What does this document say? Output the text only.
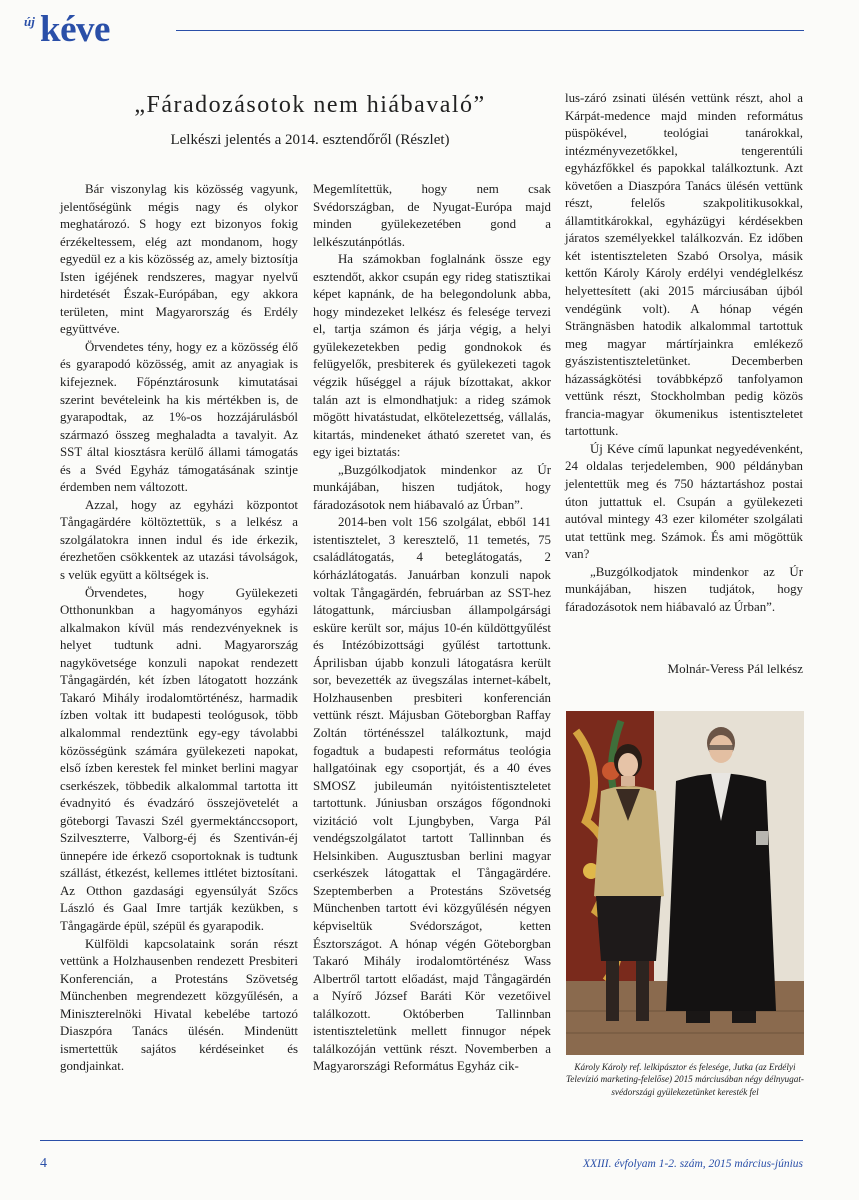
új kéve
„Fáradozásotok nem hiábavaló”
Lelkészi jelentés a 2014. esztendőről (Részlet)

Bár viszonylag kis közösség vagyunk, jelentőségünk mégis nagy és olykor meghatározó. S hogy ezt bizonyos fokig érzékeltessem, elég azt mondanom, hogy egyedül ez a kis közösség az, amely biztosítja Isten igéjének rendszeres, magyar nyelvű hirdetését Észak-Európában, egy akkora területen, mint Magyarország és Erdély együttvéve.

Örvendetes tény, hogy ez a közösség élő és gyarapodó közösség, amit az anyagiak is kifejeznek. Főpénztárosunk kimutatásai szerint bevételeink ha kis mértékben is, de gyarapodtak, az 1%-os hozzájárulásból származó összeg meghaladta a tavalyit. Az SST által kiosztásra kerülő állami támogatás és a Svéd Egyház támogatásának szintje érdemben nem változott.

Azzal, hogy az egyházi központot Tångagärdére költöztettük, s a lelkész a szolgálatokra innen indul és ide érkezik, érezhetően csökkentek az utazási távolságok, s velük együtt a költségek is.

Örvendetes, hogy Gyülekezeti Otthonunkban a hagyományos egyházi alkalmakon kívül más rendezvényeknek is helyet tudtunk adni. Magyarország nagykövetsége konzuli napokat rendezett Tångagärdén, két ízben látogatott hozzánk Takaró Mihály irodalomtörténész, harmadik ízben voltak itt budapesti teológusok, több alkalommal rendeztünk egy-egy távolabbi közösségünk számára gyülekezeti napokat, első ízben kerestek fel minket berlini magyar cserkészek, többedik alkalommal tartotta itt évadnyitó és évadzáró összejövetelét a göteborgi Tavaszi Szél gyermektánccsoport, Szilveszterre, Valborg-éj és Szentiván-éj ünnepére ide érkező csoportoknak is tudtunk szállást, étkezést, kellemes ittlétet biztosítani. Az Otthon gazdasági egyensúlyát Szőcs László és Gaal Imre tartják kezükben, s Tångagärde épül, szépül és gyarapodik.

Külföldi kapcsolataink során részt vettünk a Holzhausenben rendezett Presbiteri Konferencián, a Protestáns Szövetség Münchenben megrendezett közgyűlésén, a Miniszterelnöki Hivatal kebelébe tartozó Diaszpóra Tanács ülésén. Mindenütt ismertettük sajátos kérdéseinket és gondjainkat.

Megemlítettük, hogy nem csak Svédországban, de Nyugat-Európa majd minden gyülekezetében gond a lelkészutánpótlás.

Ha számokban foglalnánk össze egy esztendőt, akkor csupán egy rideg statisztikai képet kapnánk, de ha belegondolunk abba, hogy mindezeket lelkész és felesége tervezi el, tartja számon és járja végig, a helyi gyülekezetekben pedig gondnokok és felügyelők, presbiterek és gyülekezeti tagok végzik hűséggel a rájuk bízottakat, akkor talán azt is elmondhatjuk: a rideg számok mögött hivatástudat, elkötelezettség, vállalás, kitartás, mindeneket átható szeretet van, és egy igei biztatás:

„Buzgólkodjatok mindenkor az Úr munkájában, hiszen tudjátok, hogy fáradozásotok nem hiábavaló az Úrban”.

2014-ben volt 156 szolgálat, ebből 141 istentisztelet, 3 keresztelő, 11 temetés, 75 családlátogatás, 4 beteglátogatás, 2 kórházlátogatás. Januárban konzuli napok voltak Tångagärdén, februárban az SST-hez látogattunk, márciusban állampolgársági esküre került sor, május 10-én küldöttgyűlést és Intézóbizottsági gyűlést tartottunk. Áprilisban újabb konzuli látogatásra került sor, bevezették az üvegszálas internet-kábelt, Holzhausenben presbiteri konferencián vettünk részt. Májusban Göteborgban Raffay Zoltán történésszel találkoztunk, majd fogadtuk a budapesti református teológia hallgatóinak egy csoportját, és a 40 éves SMOSZ jubileumán nyitóistentiszteletet tartottunk. Júniusban országos főgondnoki vizitáció volt Ljungbyben, Varga Pál vendégszolgálatot tartott Tallinnban és Helsinkiben. Augusztusban berlini magyar cserkészek látogattak el Tångagärdére. Szeptemberben a Protestáns Szövetség Münchenben tartott évi közgyűlésén négyen képviseltük Svédországot, ketten Észtországot. A hónap végén Göteborgban Takaró Mihály irodalomtörténész Wass Albertről tartott előadást, majd Tångagärdén a Nyírő József Baráti Kör vezetőivel találkozott. Októberben Tallinnban istentiszteletünk mellett finnugor népek találkozóján vettünk részt. Novemberben a Magyarországi Református Egyház cik-

lus-záró zsinati ülésén vettünk részt, ahol a Kárpát-medence majd minden református püspökével, teológiai tanárokkal, intézményvezetőkkel, tengerentúli egyházfőkkel és papokkal találkoztunk. Azt követően a Diaszpóra Tanács ülésén vettünk részt, felelős szakpolitikusokkal, államtitkárokkal, egyházügyi kérdésekben járatos személyekkel találkozván. Ez időben két istentiszteleten Szabó Orsolya, másik kettőn Károly Károly erdélyi vendéglelkész helyettesített (aki 2015 márciusában újból vendégünk volt). A hónap végén Strängnäsben hatodik alkalommal tartottuk meg magyar mártírjainkra emlékező gyászistentiszteletünket. Decemberben házasságkötési továbbképző tanfolyamon vettünk részt, Stockholmban pedig közös francia-magyar ökumenikus istentiszteletet tartottunk.

Új Kéve című lapunkat negyedévenként, 24 oldalas terjedelemben, 900 példányban jelentettük meg és 750 háztartáshoz postai úton juttattuk el. Csupán a gyülekezeti autóval mintegy 43 ezer kilométer szolgálati utat tettünk meg. Számok. És ami mögöttük van?

„Buzgólkodjatok mindenkor az Úr munkájában, hiszen tudjátok, hogy fáradozásotok nem hiábavaló az Úrban”.

Molnár-Veress Pál lelkész
Károly Károly ref. lelkipásztor és felesége, Jutka (az Erdélyi Televízió marketing-felelőse) 2015 márciusában négy délnyugat-svédországi gyülekezetünket keresték fel
4	XXIII. évfolyam 1-2. szám, 2015 március-június
